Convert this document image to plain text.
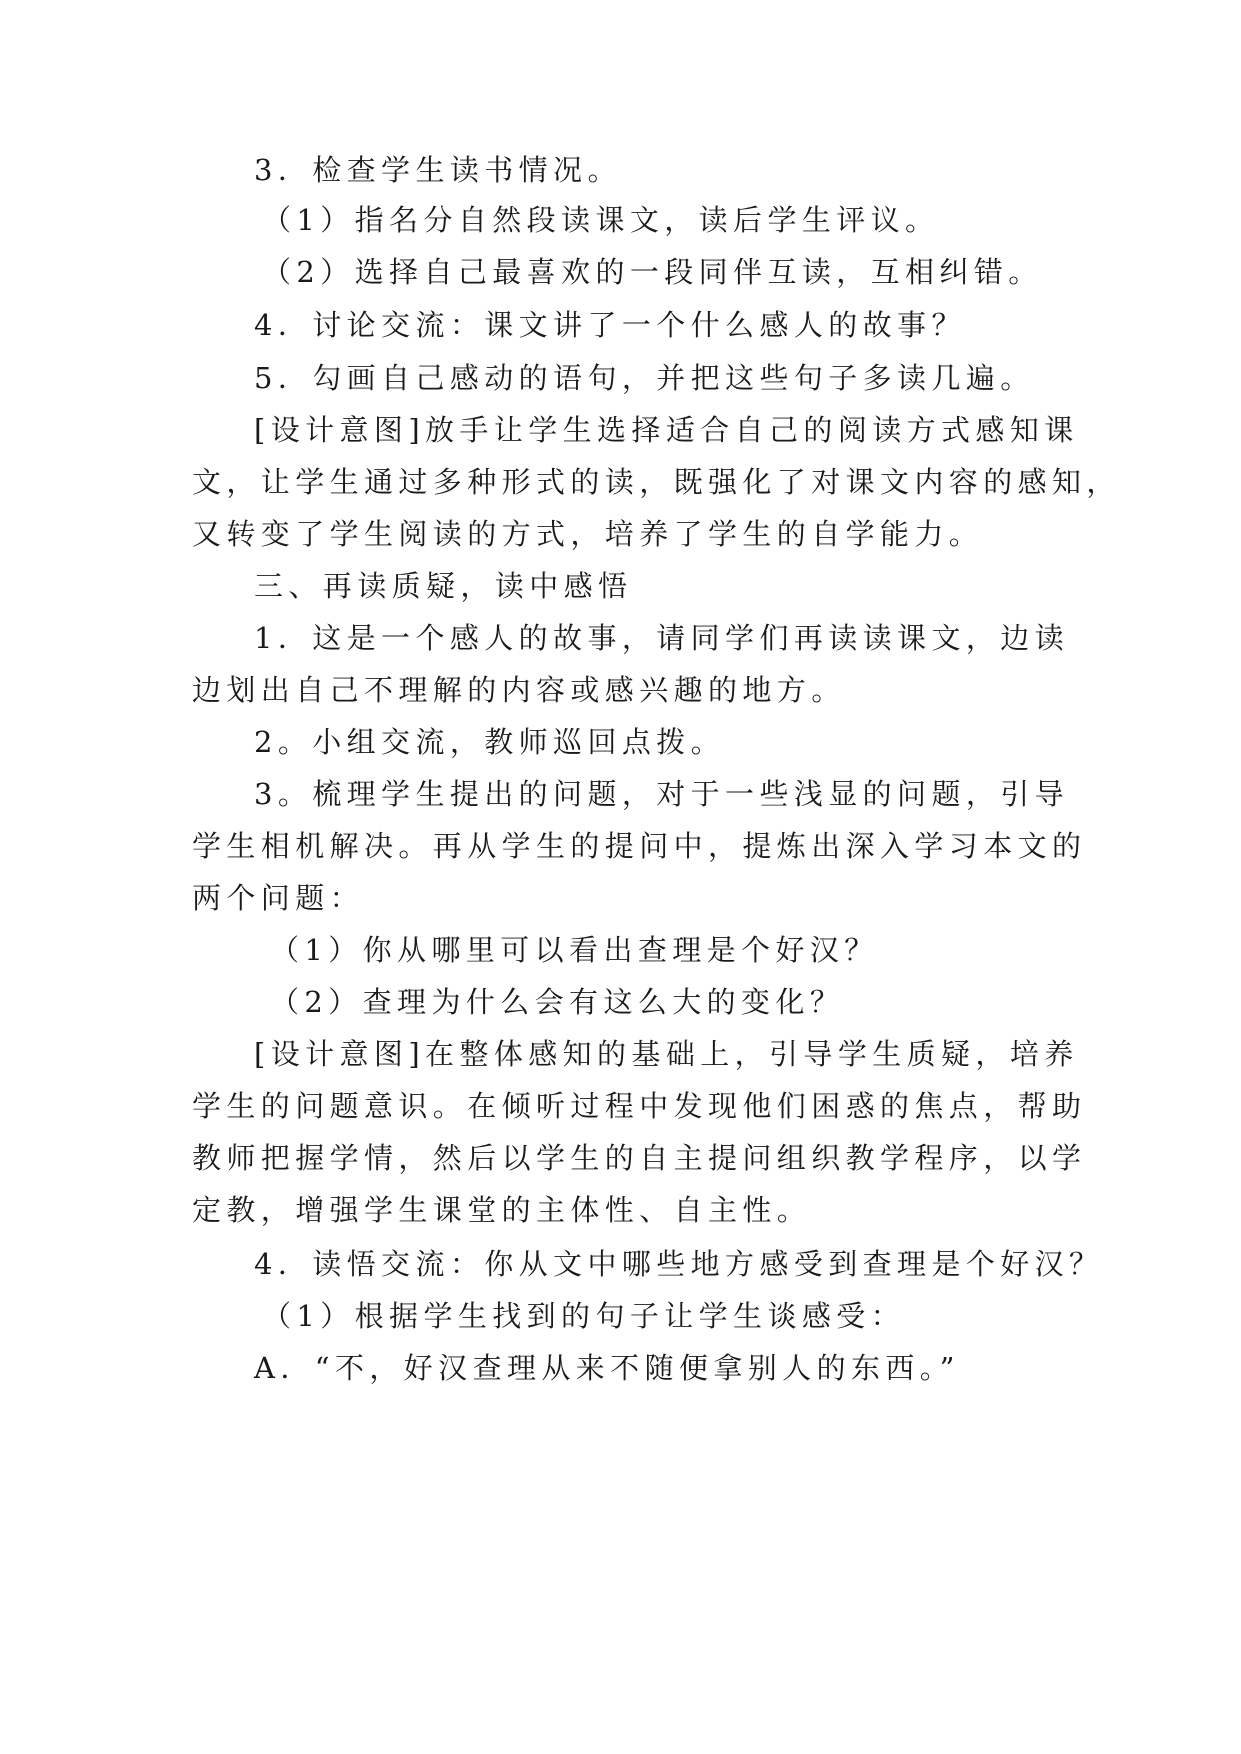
3．检查学生读书情况。
（1）指名分自然段读课文，读后学生评议。
（2）选择自己最喜欢的一段同伴互读，互相纠错。
4．讨论交流：课文讲了一个什么感人的故事？
5．勾画自己感动的语句，并把这些句子多读几遍。
[设计意图]放手让学生选择适合自己的阅读方式感知课
文，让学生通过多种形式的读，既强化了对课文内容的感知，
又转变了学生阅读的方式，培养了学生的自学能力。
三、再读质疑，读中感悟
1．这是一个感人的故事，请同学们再读读课文，边读
边划出自己不理解的内容或感兴趣的地方。
2。小组交流，教师巡回点拨。
3。梳理学生提出的问题，对于一些浅显的问题，引导
学生相机解决。再从学生的提问中，提炼出深入学习本文的
两个问题：
（1）你从哪里可以看出查理是个好汉？
（2）查理为什么会有这么大的变化？
[设计意图]在整体感知的基础上，引导学生质疑，培养
学生的问题意识。在倾听过程中发现他们困惑的焦点，帮助
教师把握学情，然后以学生的自主提问组织教学程序，以学
定教，增强学生课堂的主体性、自主性。
4．读悟交流：你从文中哪些地方感受到查理是个好汉？
（1）根据学生找到的句子让学生谈感受：
A．“不，好汉查理从来不随便拿别人的东西。”
